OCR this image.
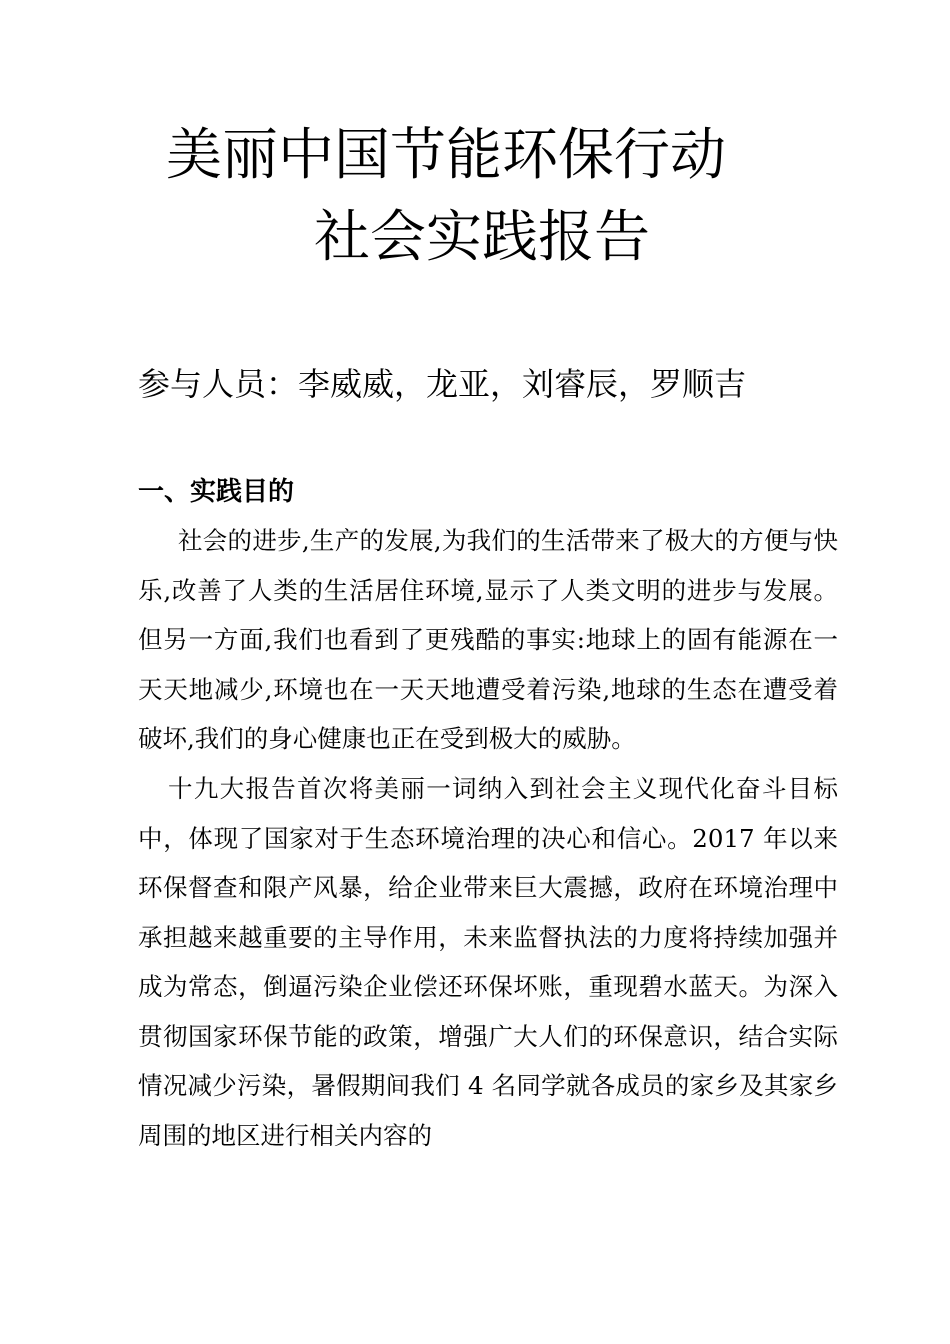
美丽中国节能环保行动
社会实践报告

参与人员：李威威，龙亚，刘睿辰，罗顺吉

一、实践目的

社会的进步,生产的发展,为我们的生活带来了极大的方便与快乐,改善了人类的生活居住环境,显示了人类文明的进步与发展。但另一方面,我们也看到了更残酷的事实:地球上的固有能源在一天天地减少,环境也在一天天地遭受着污染,地球的生态在遭受着破坏,我们的身心健康也正在受到极大的威胁。

十九大报告首次将美丽一词纳入到社会主义现代化奋斗目标中，体现了国家对于生态环境治理的决心和信心。2017 年以来环保督查和限产风暴，给企业带来巨大震撼，政府在环境治理中承担越来越重要的主导作用，未来监督执法的力度将持续加强并成为常态，倒逼污染企业偿还环保坏账，重现碧水蓝天。为深入贯彻国家环保节能的政策，增强广大人们的环保意识，结合实际情况减少污染，暑假期间我们 4 名同学就各成员的家乡及其家乡周围的地区进行相关内容的
